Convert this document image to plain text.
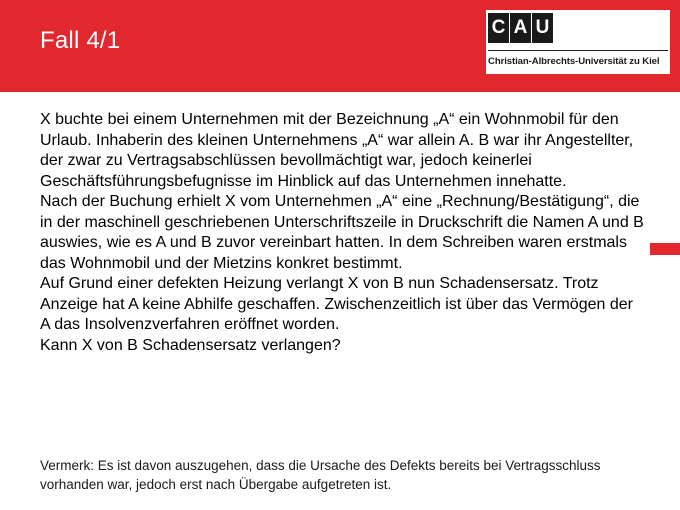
Fall 4/1	C A U
Christian-Albrechts-Universität zu Kiel

X buchte bei einem Unternehmen mit der Bezeichnung „A“ ein Wohnmobil für den Urlaub. Inhaberin des kleinen Unternehmens „A“ war allein A. B war ihr Angestellter, der zwar zu Vertragsabschlüssen bevollmächtigt war, jedoch keinerlei Geschäftsführungsbefugnisse im Hinblick auf das Unternehmen innehatte.

Nach der Buchung erhielt X vom Unternehmen „A“ eine „Rechnung/Bestätigung“, die in der maschinell geschriebenen Unterschriftszeile in Druckschrift die Namen A und B auswies, wie es A und B zuvor vereinbart hatten. In dem Schreiben waren erstmals das Wohnmobil und der Mietzins konkret bestimmt.

Auf Grund einer defekten Heizung verlangt X von B nun Schadensersatz. Trotz Anzeige hat A keine Abhilfe geschaffen. Zwischenzeitlich ist über das Vermögen der A das Insolvenzverfahren eröffnet worden.

Kann X von B Schadensersatz verlangen?

Vermerk: Es ist davon auszugehen, dass die Ursache des Defekts bereits bei Vertragsschluss vorhanden war, jedoch erst nach Übergabe aufgetreten ist.
